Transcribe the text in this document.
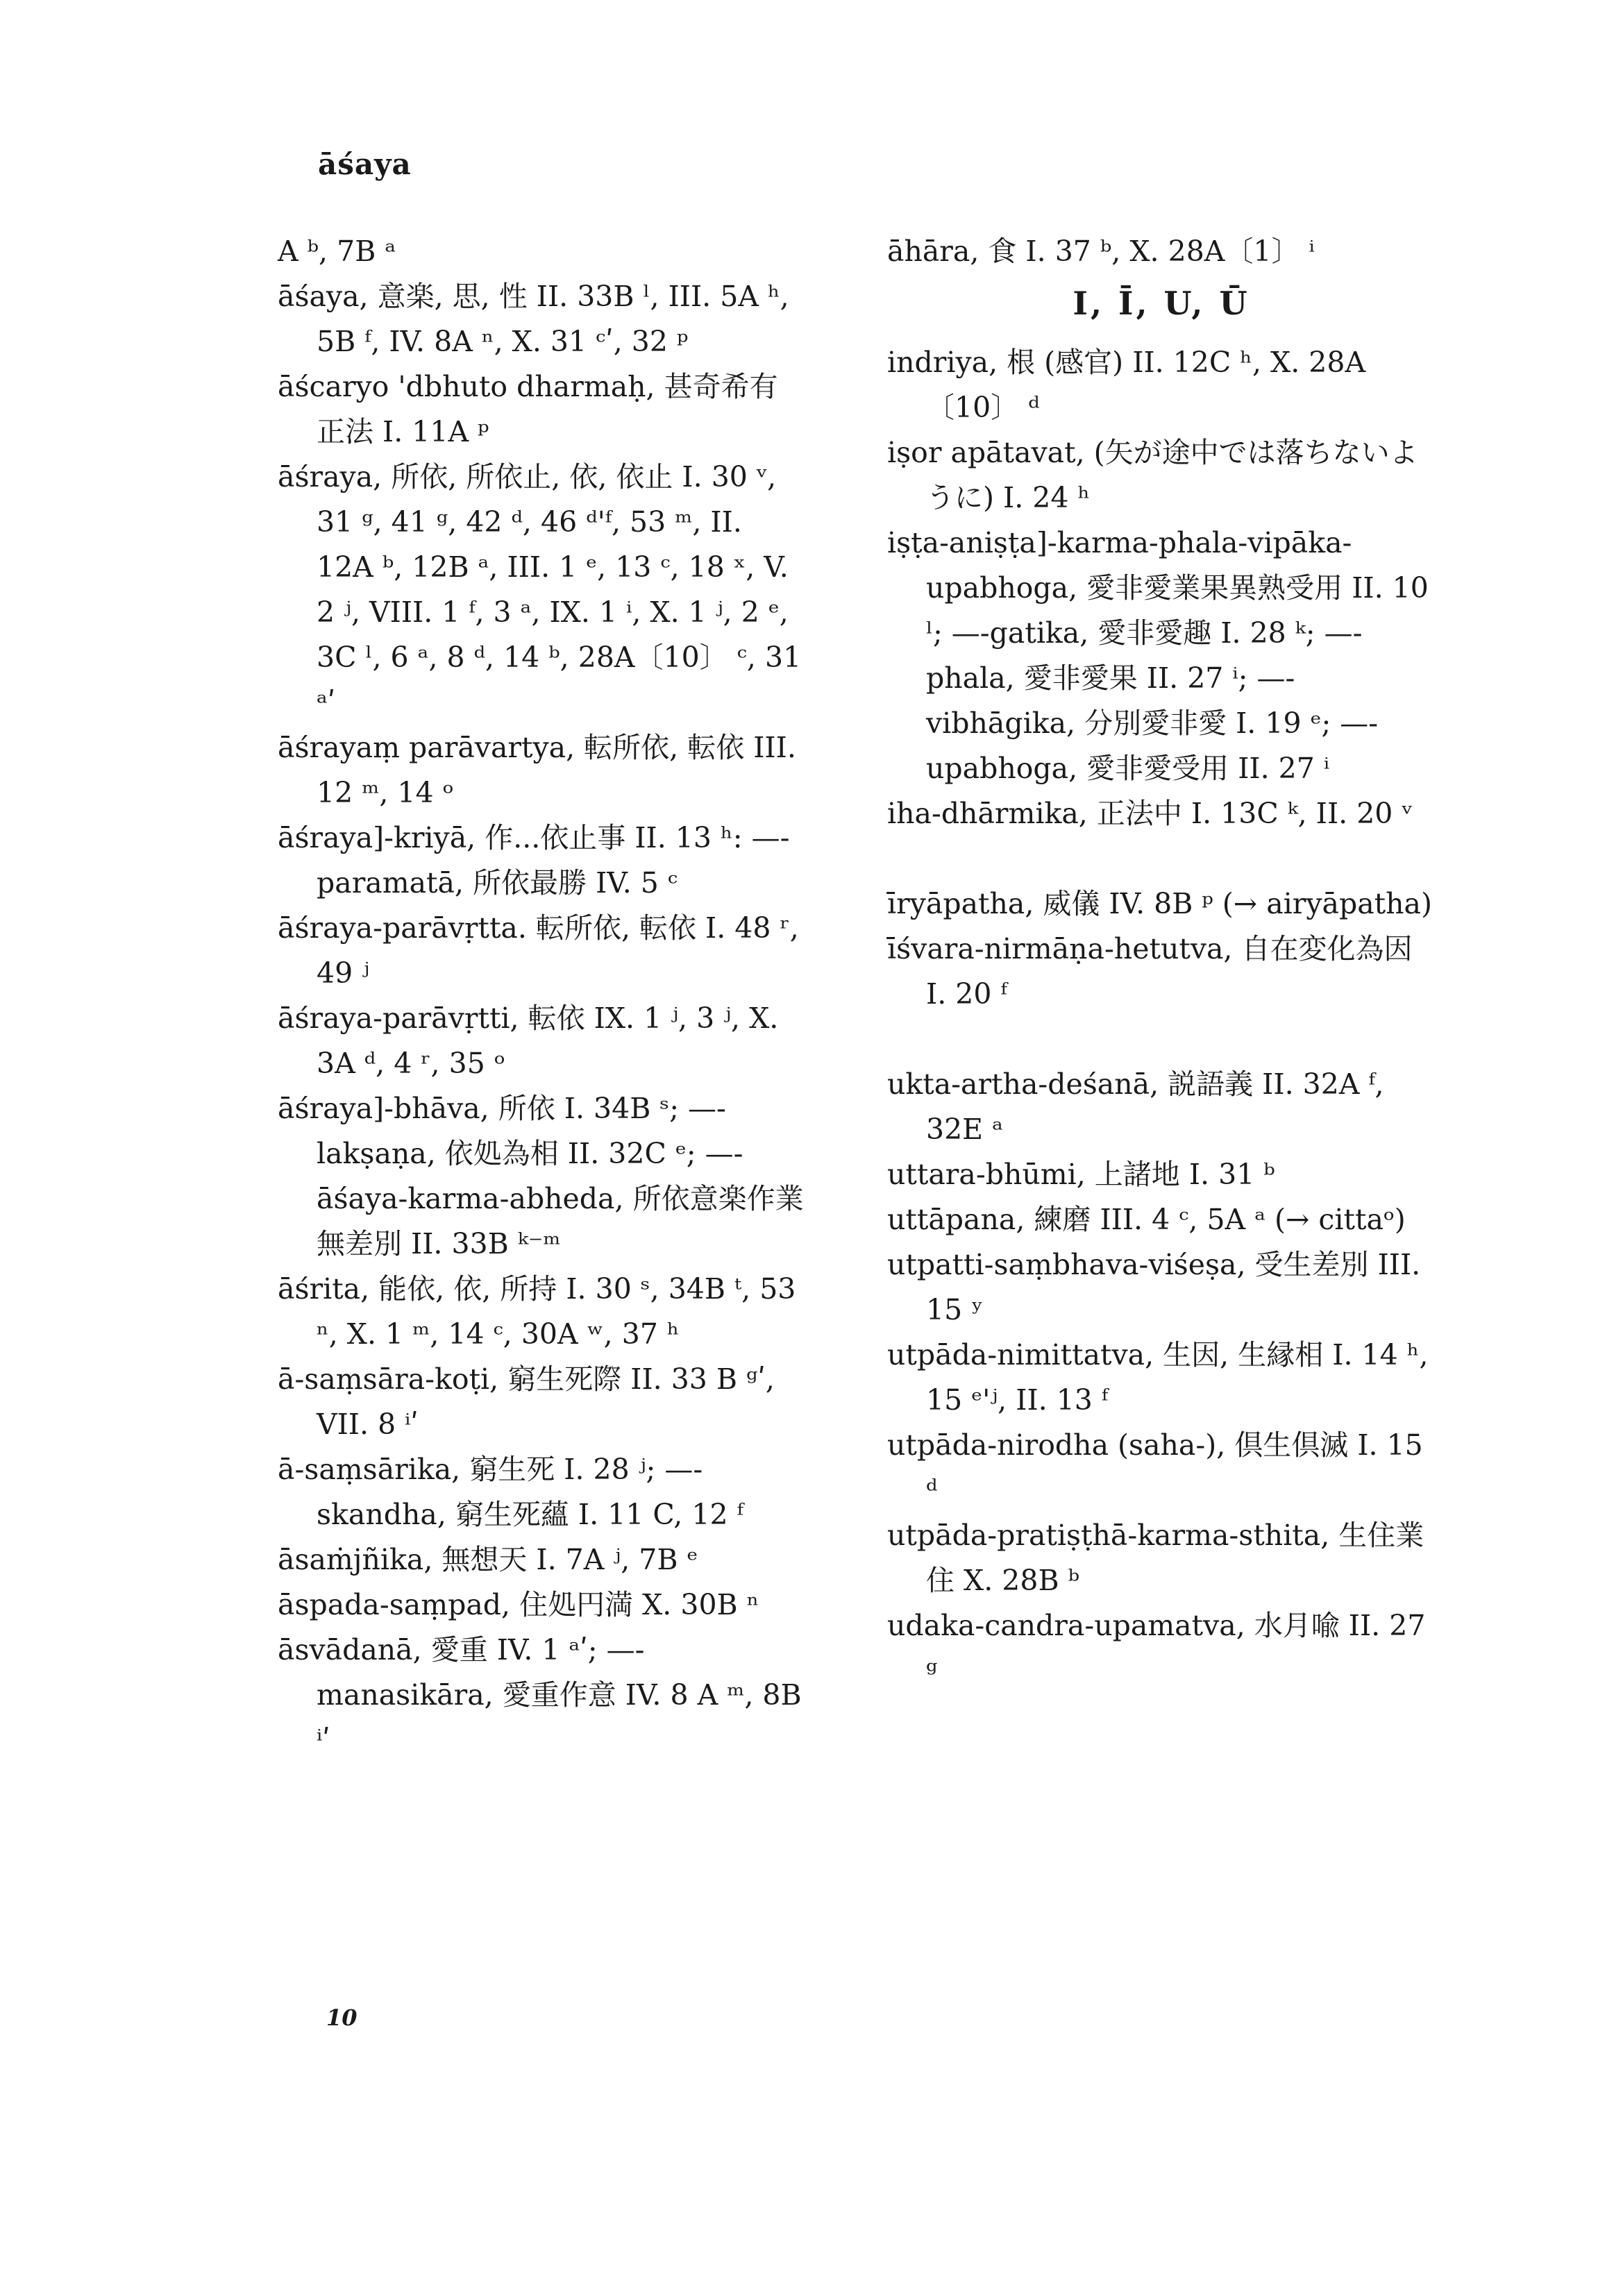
āśaya

A ᵇ, 7B ᵃ

āśaya, 意楽, 思, 性 II. 33B ˡ, III. 5A ʰ, 5B ᶠ, IV. 8A ⁿ, X. 31 ᶜʹ, 32 ᵖ

āścaryo 'dbhuto dharmaḥ, 甚奇希有正法 I. 11A ᵖ

āśraya, 所依, 所依止, 依, 依止 I. 30 ᵛ, 31 ᵍ, 41 ᵍ, 42 ᵈ, 46 ᵈ'ᶠ, 53 ᵐ, II. 12A ᵇ, 12B ᵃ, III. 1 ᵉ, 13 ᶜ, 18 ˣ, V. 2 ʲ, VIII. 1 ᶠ, 3 ᵃ, IX. 1 ⁱ, X. 1 ʲ, 2 ᵉ, 3C ˡ, 6 ᵃ, 8 ᵈ, 14 ᵇ, 28A〔10〕 ᶜ, 31 ᵃʹ

āśrayaṃ parāvartya, 転所依, 転依 III. 12 ᵐ, 14 ᵒ

āśraya]-kriyā, 作...依止事 II. 13 ʰ: —-paramatā, 所依最勝 IV. 5 ᶜ

āśraya-parāvṛtta. 転所依, 転依 I. 48 ʳ, 49 ʲ

āśraya-parāvṛtti, 転依 IX. 1 ʲ, 3 ʲ, X. 3A ᵈ, 4 ʳ, 35 ᵒ

āśraya]-bhāva, 所依 I. 34B ˢ; —-lakṣaṇa, 依処為相 II. 32C ᵉ; —-āśaya-karma-abheda, 所依意楽作業無差別 II. 33B ᵏ⁻ᵐ

āśrita, 能依, 依, 所持 I. 30 ˢ, 34B ᵗ, 53 ⁿ, X. 1 ᵐ, 14 ᶜ, 30A ʷ, 37 ʰ

ā-saṃsāra-koṭi, 窮生死際 II. 33 B ᵍʹ, VII. 8 ⁱʹ

ā-saṃsārika, 窮生死 I. 28 ʲ; —-skandha, 窮生死蘊 I. 11 C, 12 ᶠ

āsaṁjñika, 無想天 I. 7A ʲ, 7B ᵉ

āspada-saṃpad, 住処円満 X. 30B ⁿ

āsvādanā, 愛重 IV. 1 ᵃʹ; —-manasikāra, 愛重作意 IV. 8 A ᵐ, 8B ⁱʹ

āhāra, 食 I. 37 ᵇ, X. 28A〔1〕 ⁱ

I, Ī, U, Ū

indriya, 根 (感官) II. 12C ʰ, X. 28A〔10〕 ᵈ

iṣor apātavat, (矢が途中では落ちないように) I. 24 ʰ

iṣṭa-aniṣṭa]-karma-phala-vipāka-upabhoga, 愛非愛業果異熟受用 II. 10 ˡ; —-gatika, 愛非愛趣 I. 28 ᵏ; —-phala, 愛非愛果 II. 27 ⁱ; —-vibhāgika, 分別愛非愛 I. 19 ᵉ; —-upabhoga, 愛非愛受用 II. 27 ⁱ

iha-dhārmika, 正法中 I. 13C ᵏ, II. 20 ᵛ

īryāpatha, 威儀 IV. 8B ᵖ (→ airyāpatha)

īśvara-nirmāṇa-hetutva, 自在変化為因 I. 20 ᶠ

ukta-artha-deśanā, 説語義 II. 32A ᶠ, 32E ᵃ

uttara-bhūmi, 上諸地 I. 31 ᵇ

uttāpana, 練磨 III. 4 ᶜ, 5A ᵃ (→ cittaᵒ)

utpatti-saṃbhava-viśeṣa, 受生差別 III. 15 ʸ

utpāda-nimittatva, 生因, 生縁相 I. 14 ʰ, 15 ᵉ'ʲ, II. 13 ᶠ

utpāda-nirodha (saha-), 倶生倶滅 I. 15 ᵈ

utpāda-pratiṣṭhā-karma-sthita, 生住業住 X. 28B ᵇ

udaka-candra-upamatva, 水月喩 II. 27 ᵍ

10
